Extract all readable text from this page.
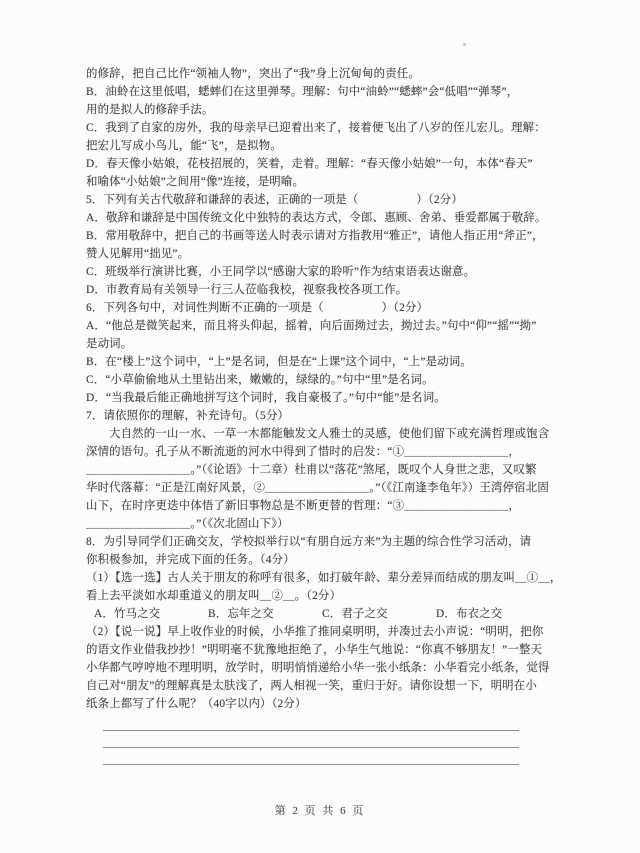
的修辞，把自己比作“领袖人物”，突出了“我”身上沉甸甸的责任。
B．油蛉在这里低唱，蟋蟀们在这里弹琴。理解：句中“油蛉”“蟋蟀”会“低唱”“弹琴”，
用的是拟人的修辞手法。
C．我到了自家的房外，我的母亲早已迎着出来了，接着便飞出了八岁的侄儿宏儿。理解：
把宏儿写成小鸟儿，能“飞”，是拟物。
D．春天像小姑娘，花枝招展的，笑着，走着。理解：“春天像小姑娘”一句，本体“春天”
和喻体“小姑娘”之间用“像”连接，是明喻。
5．下列有关古代敬辞和谦辞的表述，正确的一项是（　　　　　）（2分）
A．敬辞和谦辞是中国传统文化中独特的表达方式，令郎、惠顾、舍弟、垂爱都属于敬辞。
B．常用敬辞中，把自己的书画等送人时表示请对方指教用“雅正”，请他人指正用“斧正”，
赞人见解用“拙见”。
C．班级举行演讲比赛，小王同学以“感谢大家的聆听”作为结束语表达谢意。
D．市教育局有关领导一行三人莅临我校，视察我校各项工作。
6．下列各句中，对词性判断不正确的一项是（　　　　　）（2分）
A．“他总是微笑起来，而且将头仰起，摇着，向后面拗过去，拗过去。”句中“仰”“摇”“拗”
是动词。
B．在“楼上”这个词中，“上”是名词，但是在“上课”这个词中，“上”是动词。
C．“小草偷偷地从土里钻出来，嫩嫩的，绿绿的。”句中“里”是名词。
D．“当我最后能正确地拼写这个词时，我自豪极了。”句中“能”是名词。
7．请依照你的理解，补充诗句。（5分）
大自然的一山一水、一草一木都能触发文人雅士的灵感，使他们留下或充满哲理或饱含
深情的语句。孔子从不断流逝的河水中得到了惜时的启发：“①＿＿＿＿＿＿＿＿＿，
＿＿＿＿＿＿＿＿＿。”（《论语》十二章）杜甫以“落花”煞尾，既叹个人身世之悲，又叹繁
华时代落幕：“正是江南好风景，②＿＿＿＿＿＿＿＿＿。”（《江南逢李龟年》）王湾停宿北固
山下，在时序更迭中体悟了新旧事物总是不断更替的哲理：“③＿＿＿＿＿＿＿＿＿，
＿＿＿＿＿＿＿＿＿。”（《次北固山下》）
8．为引导同学们正确交友，学校拟举行以“有朋自远方来”为主题的综合性学习活动，请
你积极参加，并完成下面的任务。（4分）
（1）【选一选】古人关于朋友的称呼有很多，如打破年龄、辈分差异而结成的朋友叫＿①＿，
看上去平淡如水却重道义的朋友叫＿②＿。（2分）
A．竹马之交	B．忘年之交	C．君子之交	D．布衣之交
（2）【说一说】早上收作业的时候，小华推了推同桌明明，并凑过去小声说：“明明，把你
的语文作业借我抄抄！”明明毫不犹豫地拒绝了，小华生气地说：“你真不够朋友！”一整天
小华都气哼哼地不理明明，放学时，明明悄悄递给小华一张小纸条：小华看完小纸条，觉得
自己对“朋友”的理解真是太肤浅了，两人相视一笑，重归于好。请你设想一下，明明在小
纸条上都写了什么呢？（40字以内）（2分）
第 2 页 共 6 页
